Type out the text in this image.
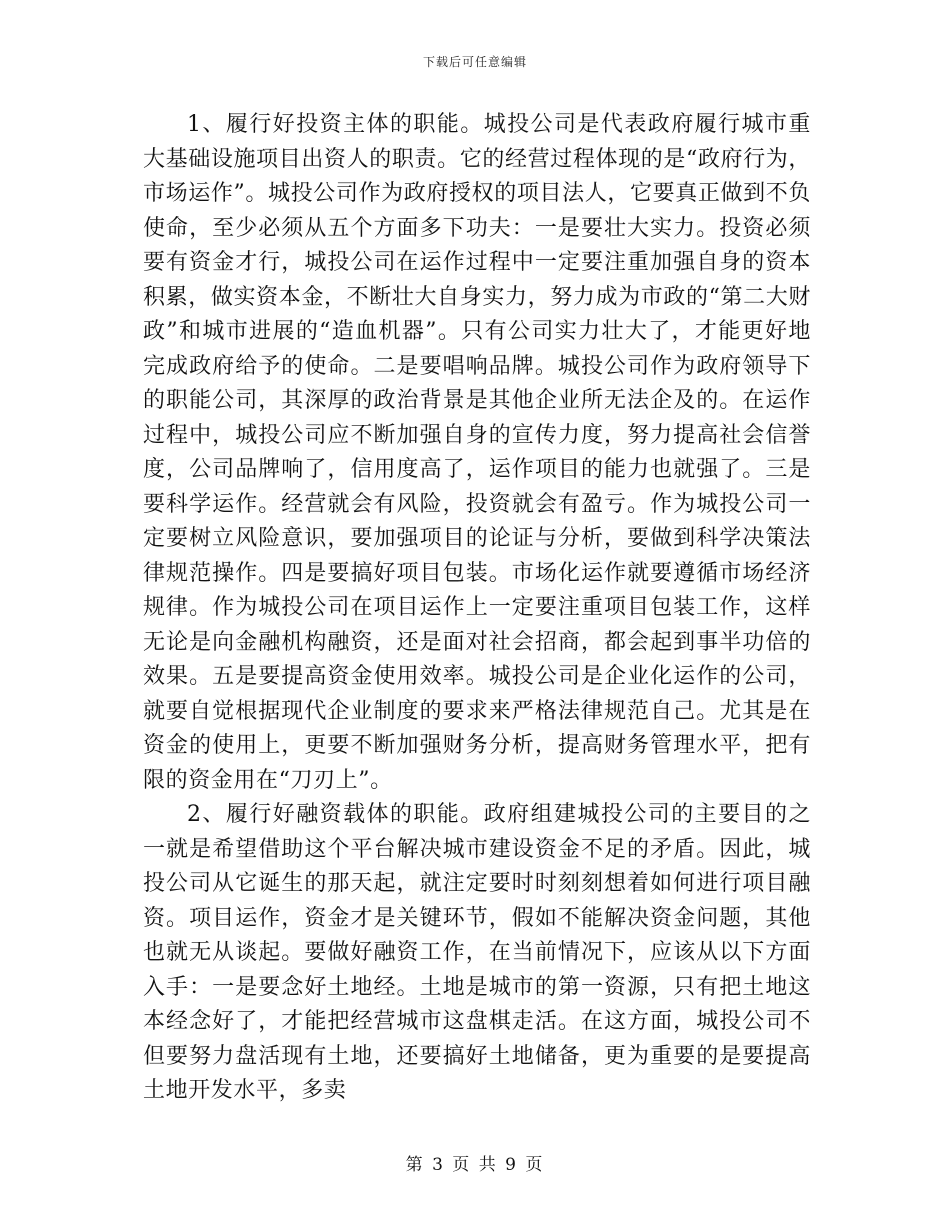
下载后可任意编辑

1、履行好投资主体的职能。城投公司是代表政府履行城市重大基础设施项目出资人的职责。它的经营过程体现的是“政府行为，市场运作”。城投公司作为政府授权的项目法人，它要真正做到不负使命，至少必须从五个方面多下功夫：一是要壮大实力。投资必须要有资金才行，城投公司在运作过程中一定要注重加强自身的资本积累，做实资本金，不断壮大自身实力，努力成为市政的“第二大财政”和城市进展的“造血机器”。只有公司实力壮大了，才能更好地完成政府给予的使命。二是要唱响品牌。城投公司作为政府领导下的职能公司，其深厚的政治背景是其他企业所无法企及的。在运作过程中，城投公司应不断加强自身的宣传力度，努力提高社会信誉度，公司品牌响了，信用度高了，运作项目的能力也就强了。三是要科学运作。经营就会有风险，投资就会有盈亏。作为城投公司一定要树立风险意识，要加强项目的论证与分析，要做到科学决策法律规范操作。四是要搞好项目包装。市场化运作就要遵循市场经济规律。作为城投公司在项目运作上一定要注重项目包装工作，这样无论是向金融机构融资，还是面对社会招商，都会起到事半功倍的效果。五是要提高资金使用效率。城投公司是企业化运作的公司，就要自觉根据现代企业制度的要求来严格法律规范自己。尤其是在资金的使用上，更要不断加强财务分析，提高财务管理水平，把有限的资金用在“刀刃上”。

2、履行好融资载体的职能。政府组建城投公司的主要目的之一就是希望借助这个平台解决城市建设资金不足的矛盾。因此，城投公司从它诞生的那天起，就注定要时时刻刻想着如何进行项目融资。项目运作，资金才是关键环节，假如不能解决资金问题，其他也就无从谈起。要做好融资工作，在当前情况下，应该从以下方面入手：一是要念好土地经。土地是城市的第一资源，只有把土地这本经念好了，才能把经营城市这盘棋走活。在这方面，城投公司不但要努力盘活现有土地，还要搞好土地储备，更为重要的是要提高土地开发水平，多卖

第 3 页 共 9 页
